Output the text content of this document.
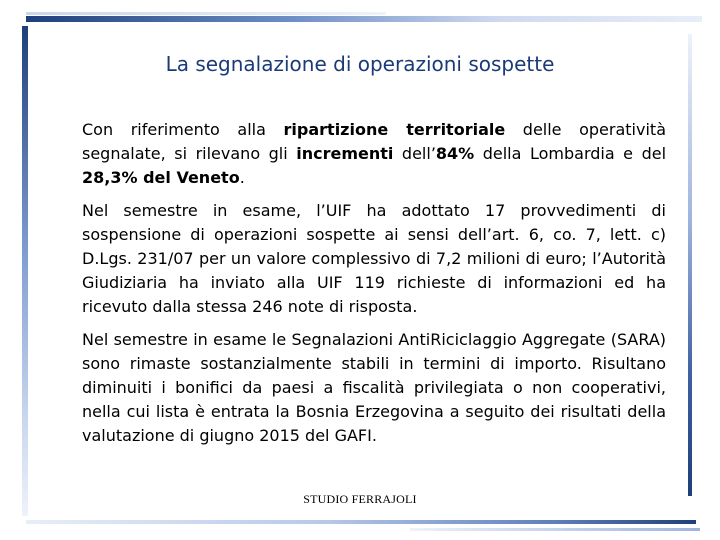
La segnalazione di operazioni sospette

Con riferimento alla ripartizione territoriale delle operatività segnalate, si rilevano gli incrementi dell’84% della Lombardia e del 28,3% del Veneto.

Nel semestre in esame, l’UIF ha adottato 17 provvedimenti di sospensione di operazioni sospette ai sensi dell’art. 6, co. 7, lett. c) D.Lgs. 231/07 per un valore complessivo di 7,2 milioni di euro; l’Autorità Giudiziaria ha inviato alla UIF 119 richieste di informazioni ed ha ricevuto dalla stessa 246 note di risposta.

Nel semestre in esame le Segnalazioni AntiRiciclaggio Aggregate (SARA) sono rimaste sostanzialmente stabili in termini di importo. Risultano diminuiti i bonifici da paesi a fiscalità privilegiata o non cooperativi, nella cui lista è entrata la Bosnia Erzegovina a seguito dei risultati della valutazione di giugno 2015 del GAFI.

STUDIO FERRAJOLI
